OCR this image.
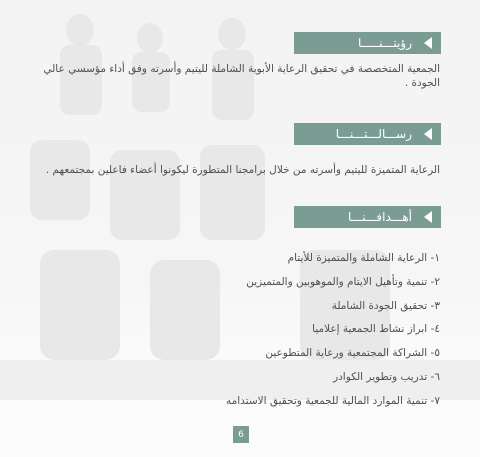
رؤيتـــنـــــا

الجمعية المتخصصة في تحقيق الرعاية الأبوية الشاملة لليتيم وأسرته وفق أداء مؤسسي عالي الجودة .

رســـالـــتـــنـــا

الرعاية المتميزة لليتيم وأسرته من خلال برامجنا المتطورة ليكونوا أعضاء فاعلين بمجتمعهم .

أهـــدافـــنـــا
١- الرعاية الشاملة والمتميزة للأيتام
٢- تنمية وتأهيل الايتام والموهوبين والمتميزين
٣- تحقيق الجودة الشاملة
٤- ابراز نشاط الجمعية إعلاميا
٥- الشراكة المجتمعية ورعاية المتطوعين
٦- تدريب وتطوير الكوادر
٧- تنمية الموارد المالية للجمعية وتحقيق الاستدامه
6
